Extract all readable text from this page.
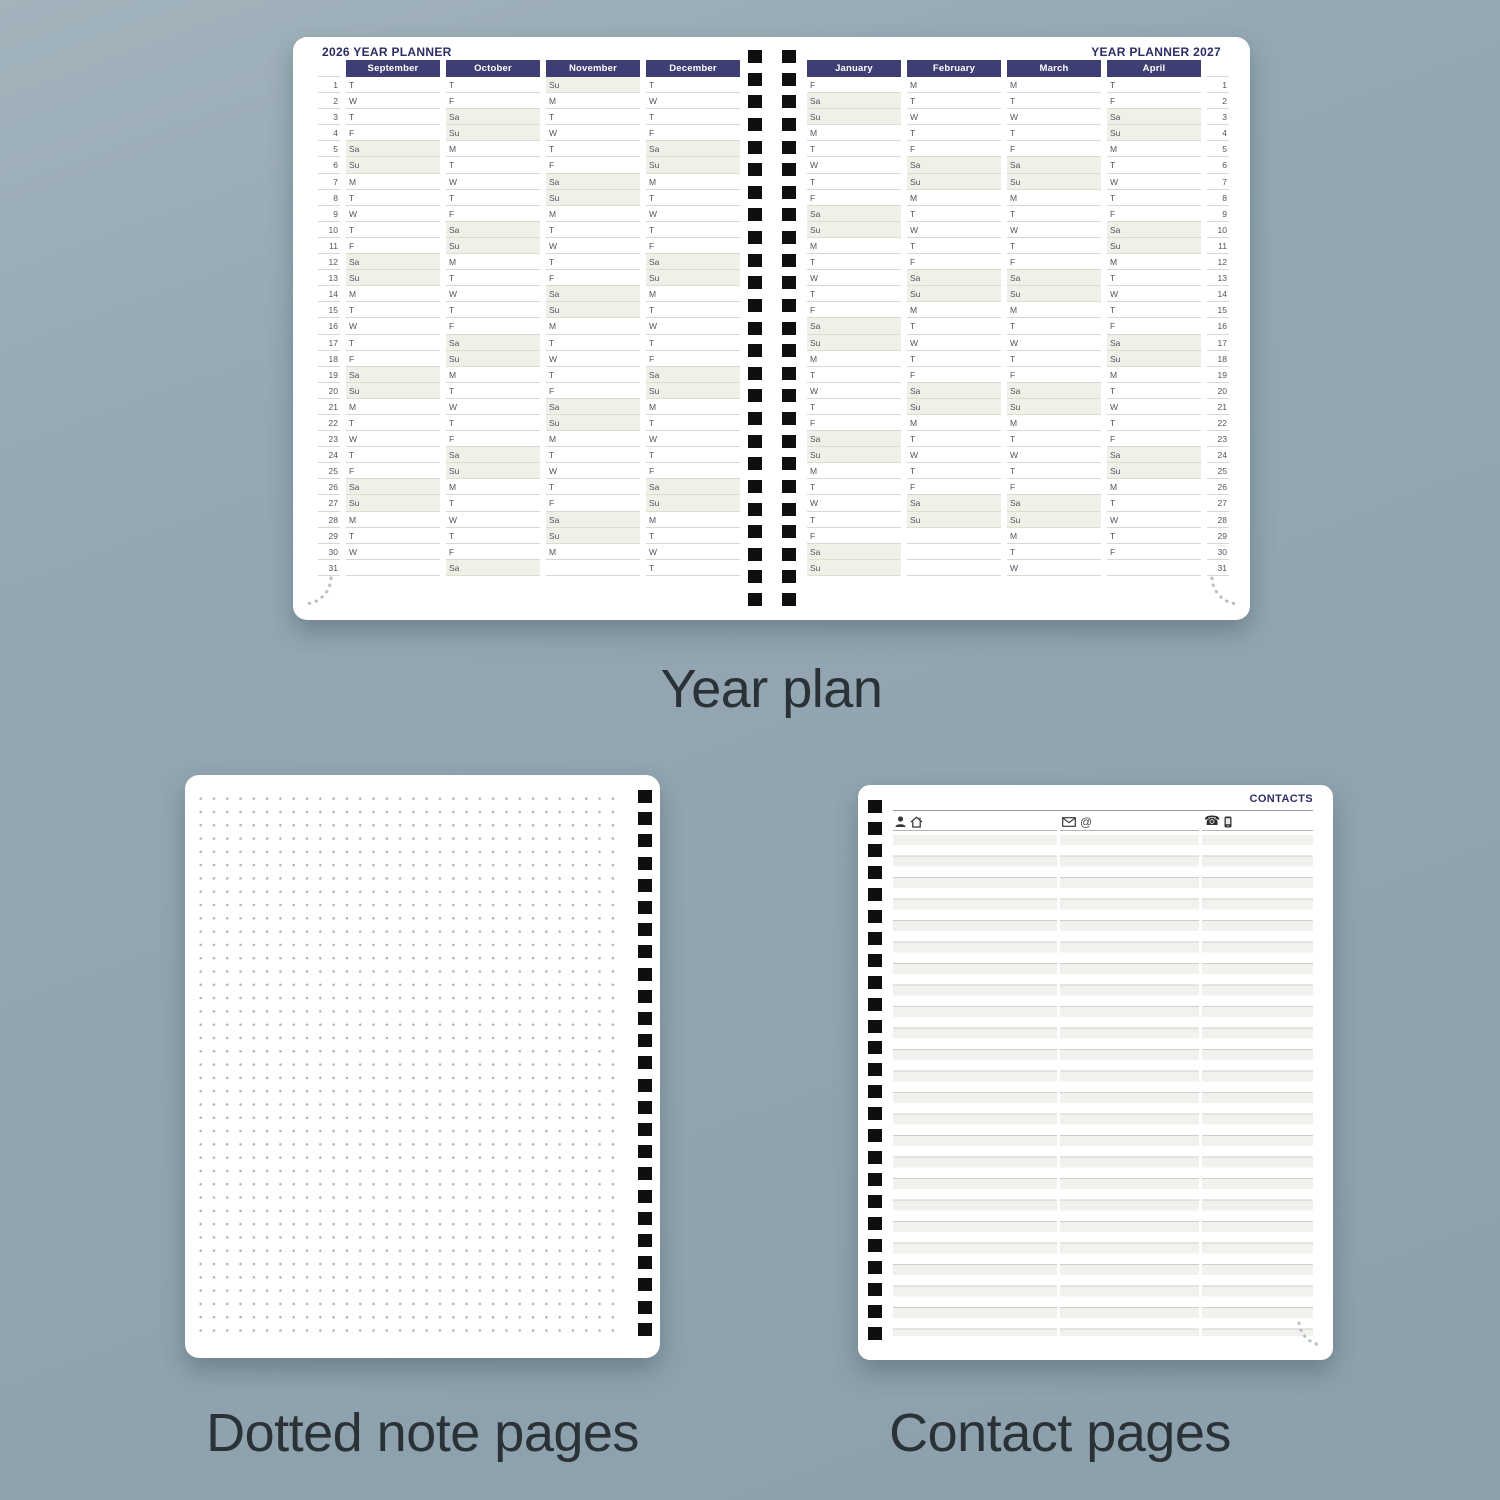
2026 YEAR PLANNER
1
2
3
4
5
6
7
8
9
10
11
12
13
14
15
16
17
18
19
20
21
22
23
24
25
26
27
28
29
30
31
September
T
W
T
F
Sa
Su
M
T
W
T
F
Sa
Su
M
T
W
T
F
Sa
Su
M
T
W
T
F
Sa
Su
M
T
W
October
T
F
Sa
Su
M
T
W
T
F
Sa
Su
M
T
W
T
F
Sa
Su
M
T
W
T
F
Sa
Su
M
T
W
T
F
Sa
November
Su
M
T
W
T
F
Sa
Su
M
T
W
T
F
Sa
Su
M
T
W
T
F
Sa
Su
M
T
W
T
F
Sa
Su
M
December
T
W
T
F
Sa
Su
M
T
W
T
F
Sa
Su
M
T
W
T
F
Sa
Su
M
T
W
T
F
Sa
Su
M
T
W
T
YEAR PLANNER 2027
January
F
Sa
Su
M
T
W
T
F
Sa
Su
M
T
W
T
F
Sa
Su
M
T
W
T
F
Sa
Su
M
T
W
T
F
Sa
Su
February
M
T
W
T
F
Sa
Su
M
T
W
T
F
Sa
Su
M
T
W
T
F
Sa
Su
M
T
W
T
F
Sa
Su
March
M
T
W
T
F
Sa
Su
M
T
W
T
F
Sa
Su
M
T
W
T
F
Sa
Su
M
T
W
T
F
Sa
Su
M
T
W
April
T
F
Sa
Su
M
T
W
T
F
Sa
Su
M
T
W
T
F
Sa
Su
M
T
W
T
F
Sa
Su
M
T
W
T
F
1
2
3
4
5
6
7
8
9
10
11
12
13
14
15
16
17
18
19
20
21
22
23
24
25
26
27
28
29
30
31
Year plan
CONTACTS
@	☎
Dotted note pages	Contact pages
